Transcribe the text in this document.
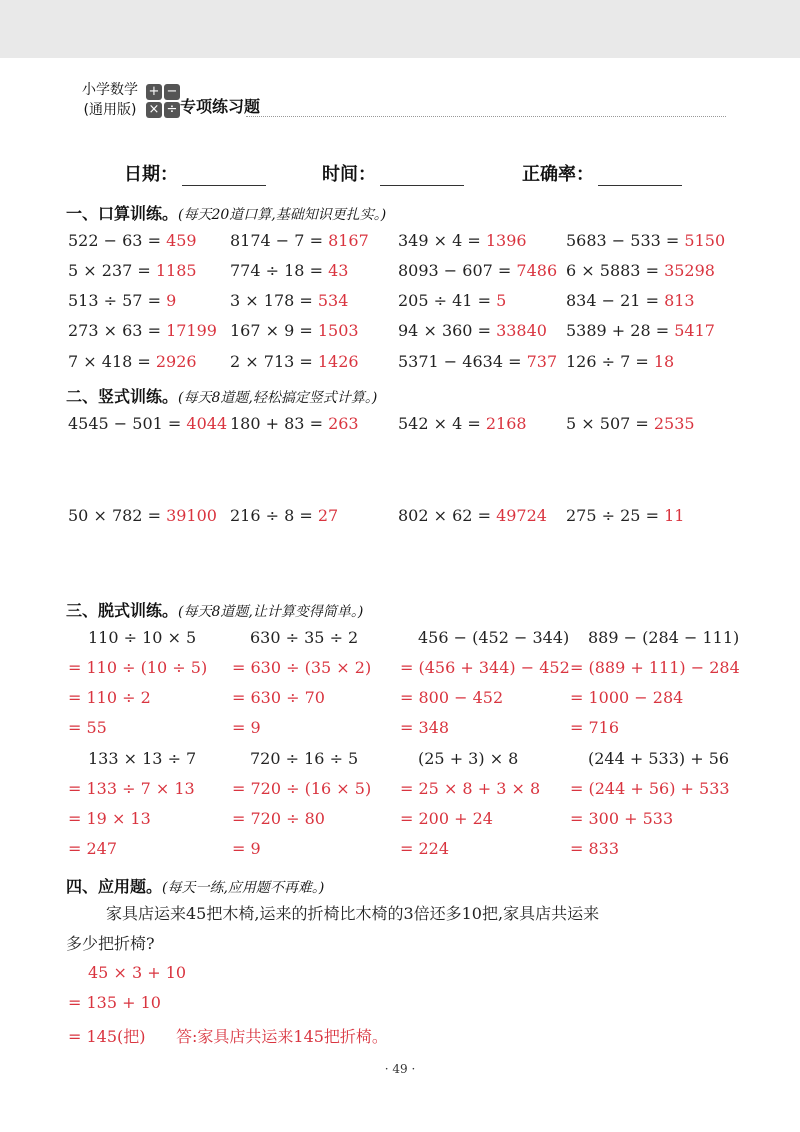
小学数学
(通用版)
+ −
× ÷ 专项练习题
日期：	时间：	正确率：
一、口算训练。(每天20道口算,基础知识更扎实。)
522 − 63 = 459 8174 − 7 = 8167 349 × 4 = 1396 5683 − 533 = 5150
5 × 237 = 1185 774 ÷ 18 = 43	8093 − 607 = 7486 6 × 5883 = 35298
513 ÷ 57 = 9	3 × 178 = 534	205 ÷ 41 = 5	834 − 21 = 813
273 × 63 = 17199 167 × 9 = 1503 94 × 360 = 33840 5389 + 28 = 5417
7 × 418 = 2926 2 × 713 = 1426 5371 − 4634 = 737 126 ÷ 7 = 18
二、竖式训练。(每天8道题,轻松搞定竖式计算。)
4545 − 501 = 4044 180 + 83 = 263 542 × 4 = 2168 5 × 507 = 2535
50 × 782 = 39100 216 ÷ 8 = 27	802 × 62 = 49724 275 ÷ 25 = 11
三、脱式训练。(每天8道题,让计算变得简单。)
110 ÷ 10 × 5
= 110 ÷ (10 ÷ 5)
= 110 ÷ 2
= 55
630 ÷ 35 ÷ 2
= 630 ÷ (35 × 2)
= 630 ÷ 70
= 9
456 − (452 − 344)
= (456 + 344) − 452
= 800 − 452
= 348
889 − (284 − 111)
= (889 + 111) − 284
= 1000 − 284
= 716
133 × 13 ÷ 7
= 133 ÷ 7 × 13
= 19 × 13
= 247
720 ÷ 16 ÷ 5
= 720 ÷ (16 × 5)
= 720 ÷ 80
= 9
(25 + 3) × 8
= 25 × 8 + 3 × 8
= 200 + 24
= 224
(244 + 533) + 56
= (244 + 56) + 533
= 300 + 533
= 833
四、应用题。(每天一练,应用题不再难。)
家具店运来45把木椅,运来的折椅比木椅的3倍还多10把,家具店共运来
多少把折椅?
45 × 3 + 10
= 135 + 10
= 145(把) 答:家具店共运来145把折椅。
· 49 ·
